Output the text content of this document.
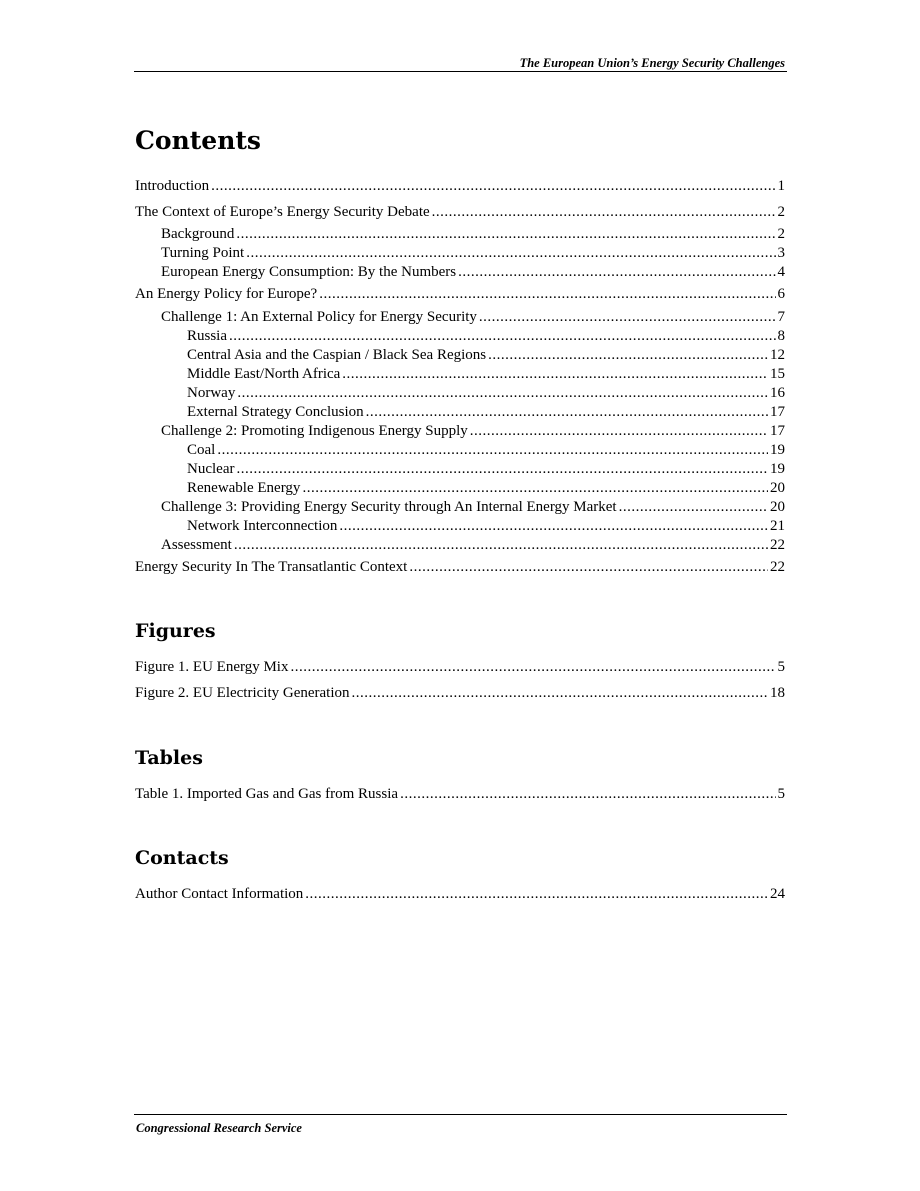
The European Union’s Energy Security Challenges
Contents
Introduction .....	1
The Context of Europe’s Energy Security Debate .....	2
Background .....	2
Turning Point .....	3
European Energy Consumption: By the Numbers .....	4
An Energy Policy for Europe? .....	6
Challenge 1: An External Policy for Energy Security .....	7
Russia .....	8
Central Asia and the Caspian / Black Sea Regions .....	12
Middle East/North Africa .....	15
Norway .....	16
External Strategy Conclusion .....	17
Challenge 2: Promoting Indigenous Energy Supply .....	17
Coal .....	19
Nuclear .....	19
Renewable Energy .....	20
Challenge 3: Providing Energy Security through An Internal Energy Market .....	20
Network Interconnection .....	21
Assessment .....	22
Energy Security In The Transatlantic Context .....	22
Figures
Figure 1. EU Energy Mix .....	5
Figure 2. EU Electricity Generation .....	18
Tables
Table 1. Imported Gas and Gas from Russia .....	5
Contacts
Author Contact Information .....	24
Congressional Research Service
